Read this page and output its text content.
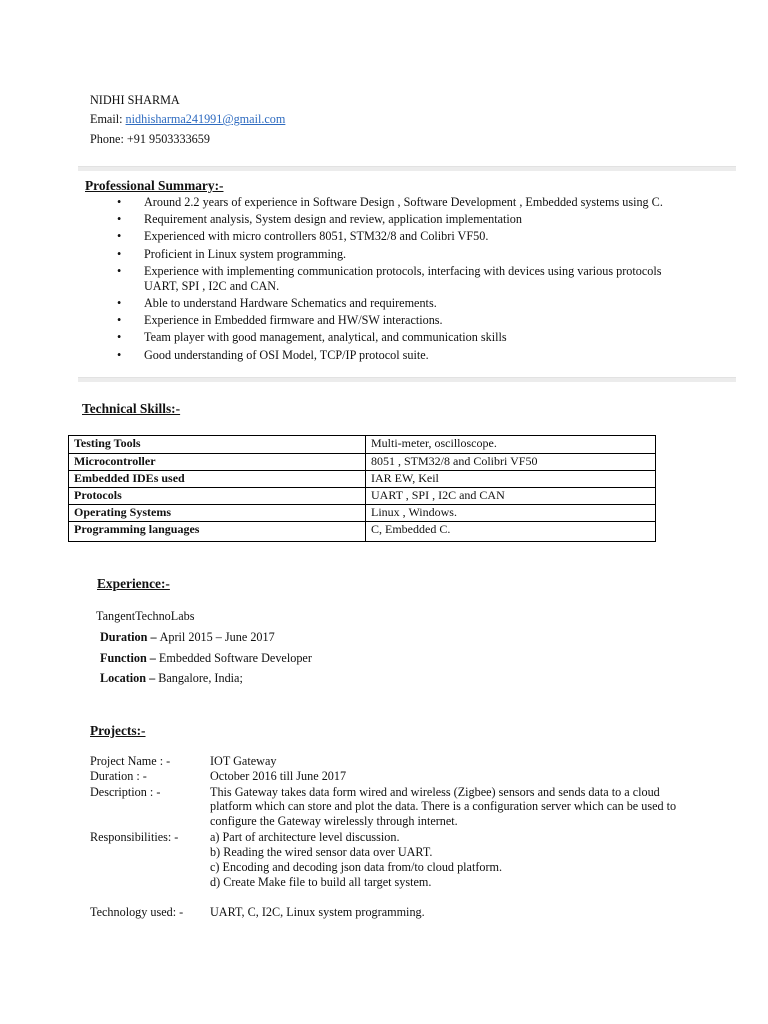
NIDHI SHARMA
Email: nidhisharma241991@gmail.com
Phone: +91 9503333659
Professional Summary:-
• Around 2.2 years of experience in Software Design , Software Development , Embedded systems using C.
• Requirement analysis, System design and review, application implementation
• Experienced with micro controllers 8051, STM32/8 and Colibri VF50.
• Proficient in Linux system programming.
• Experience with implementing communication protocols, interfacing with devices using various protocols
UART, SPI , I2C and CAN.
• Able to understand Hardware Schematics and requirements.
• Experience in Embedded firmware and HW/SW interactions.
• Team player with good management, analytical, and communication skills
• Good understanding of OSI Model, TCP/IP protocol suite.
Technical Skills:-
Testing Tools	Multi-meter, oscilloscope.
Microcontroller	8051 , STM32/8 and Colibri VF50
Embedded IDEs used	IAR EW, Keil
Protocols	UART , SPI , I2C and CAN
Operating Systems	Linux , Windows.
Programming languages	C, Embedded C.
Experience:-
TangentTechnoLabs
Duration – April 2015 – June 2017
Function – Embedded Software Developer
Location – Bangalore, India;
Projects:-
Project Name : -	IOT Gateway
Duration : -	October 2016 till June 2017
Description : -	This Gateway takes data form wired and wireless (Zigbee) sensors and sends data to a cloud
platform which can store and plot the data. There is a configuration server which can be used to
configure the Gateway wirelessly through internet.
Responsibilities: -	a) Part of architecture level discussion.
b) Reading the wired sensor data over UART.
c) Encoding and decoding json data from/to cloud platform.
d) Create Make file to build all target system.
Technology used: - UART, C, I2C, Linux system programming.
